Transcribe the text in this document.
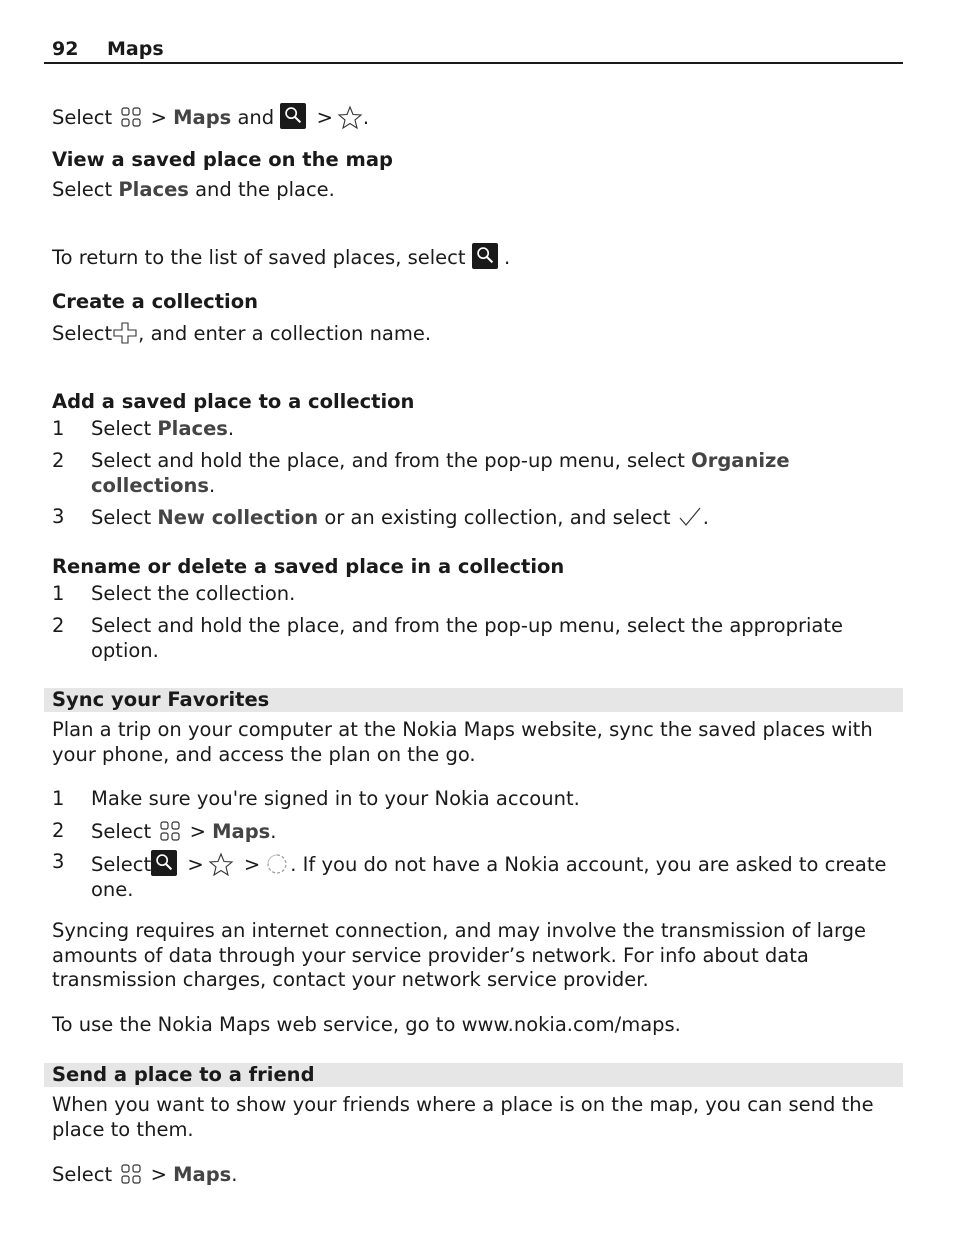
92 Maps
Select > Maps and > .
View a saved place on the map
Select Places and the place.
To return to the list of saved places, select .
Create a collection
Select , and enter a collection name.
Add a saved place to a collection
1 Select Places.
2 Select and hold the place, and from the pop-up menu, select Organize collections.
3 Select New collection or an existing collection, and select .
Rename or delete a saved place in a collection
1 Select the collection.
2 Select and hold the place, and from the pop-up menu, select the appropriate option.
Sync your Favorites
Plan a trip on your computer at the Nokia Maps website, sync the saved places with your phone, and access the plan on the go.
1 Make sure you're signed in to your Nokia account.
2 Select > Maps.
3 Select > > . If you do not have a Nokia account, you are asked to create one.
Syncing requires an internet connection, and may involve the transmission of large amounts of data through your service provider’s network. For info about data transmission charges, contact your network service provider.
To use the Nokia Maps web service, go to www.nokia.com/maps.
Send a place to a friend
When you want to show your friends where a place is on the map, you can send the place to them.
Select > Maps.
